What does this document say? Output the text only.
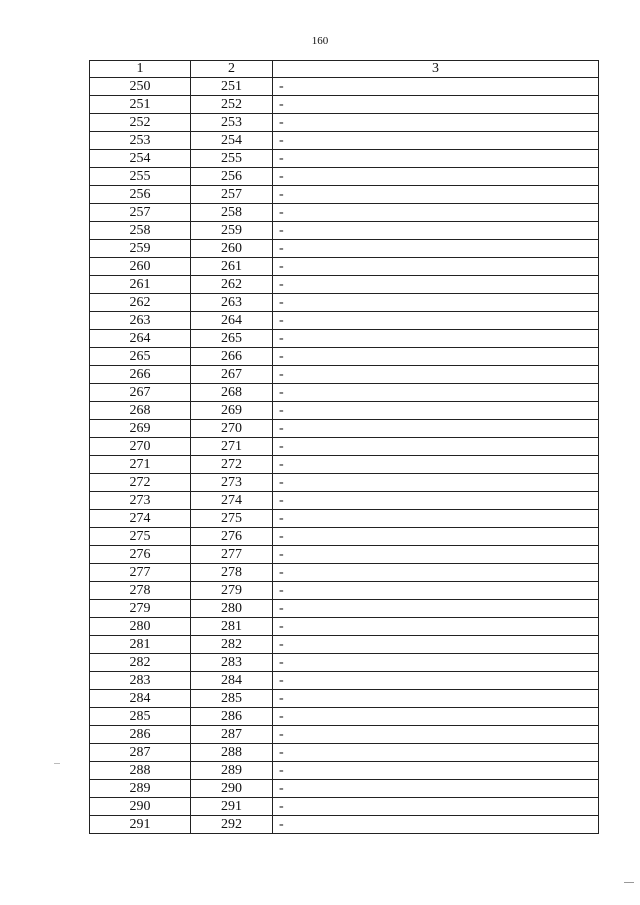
160
1	2	3
250	251	-
251	252	-
252	253	-
253	254	-
254	255	-
255	256	-
256	257	-
257	258	-
258	259	-
259	260	-
260	261	-
261	262	-
262	263	-
263	264	-
264	265	-
265	266	-
266	267	-
267	268	-
268	269	-
269	270	-
270	271	-
271	272	-
272	273	-
273	274	-
274	275	-
275	276	-
276	277	-
277	278	-
278	279	-
279	280	-
280	281	-
281	282	-
282	283	-
283	284	-
284	285	-
285	286	-
286	287	-
287	288	-
288	289	-
289	290	-
290	291	-
291	292	-
